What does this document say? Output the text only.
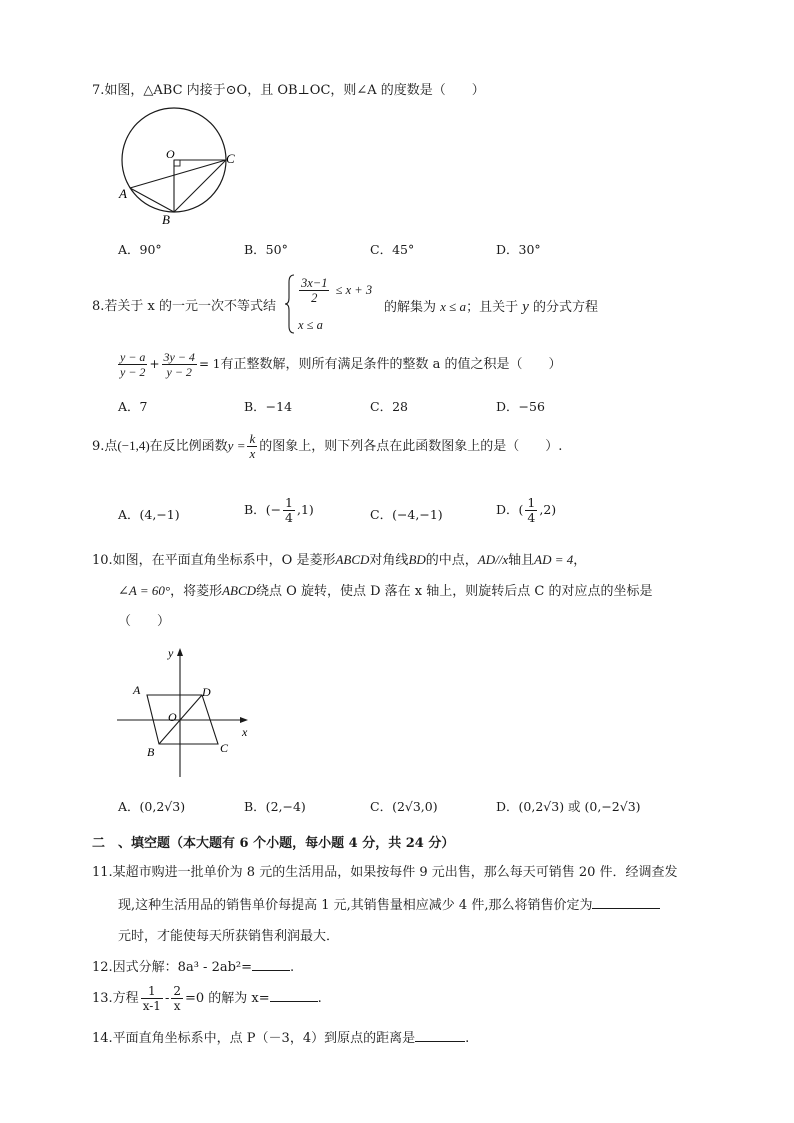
7.如图，△ABC 内接于⊙O，且 OB⊥OC，则∠A 的度数是（　　）
O	C
A
B
A．90°	B．50°	C．45°	D．30°
8.若关于 x 的一元一次不等式结
$\frac{3x-1}{2} \le x + 3$
x ≤ a
的解集为 x ≤ a；且关于 y 的分式方程
$\frac{y - a}{y - 2} + \frac{3y - 4}{y - 2} = 1$有正整数解，则所有满足条件的整数 a 的值之积是（　　）
A．7	B．−14	C．28	D．−56
9.点(−1,4)在反比例函数$y = \frac{k}{x}$ 的图象上，则下列各点在此函数图象上的是（　　）.
A．(4,−1)	B．(− $\frac{1}{4} ,1$)	C．(−4,−1)	D．( $\frac{1}{4} ,2$)
10.如图，在平面直角坐标系中，O 是菱形ABCD对角线BD的中点，AD//x轴且AD = 4，
∠A = 60°，将菱形ABCD绕点 O 旋转，使点 D 落在 x 轴上，则旋转后点 C 的对应点的坐标是
（　　）
y
x
A	D
O
B	C
A．(0,2√3)	B．(2,−4)	C．(2√3,0)	D．(0,2√3) 或 (0,−2√3)
二　、填空题（本大题有 6 个小题，每小题 4 分，共 24 分）
11.某超市购进一批单价为 8 元的生活用品，如果按每件 9 元出售，那么每天可销售 20 件．经调查发
现,这种生活用品的销售单价每提高 1 元,其销售量相应减少 4 件,那么将销售价定为
元时，才能使每天所获销售利润最大．
12.因式分解：8a³ - 2ab²=	.
13.方程 $\frac{1}{x-1} - \frac{2}{x} =0$ 的解为 x=	.
14.平面直角坐标系中，点 P（－3，4）到原点的距离是	.
